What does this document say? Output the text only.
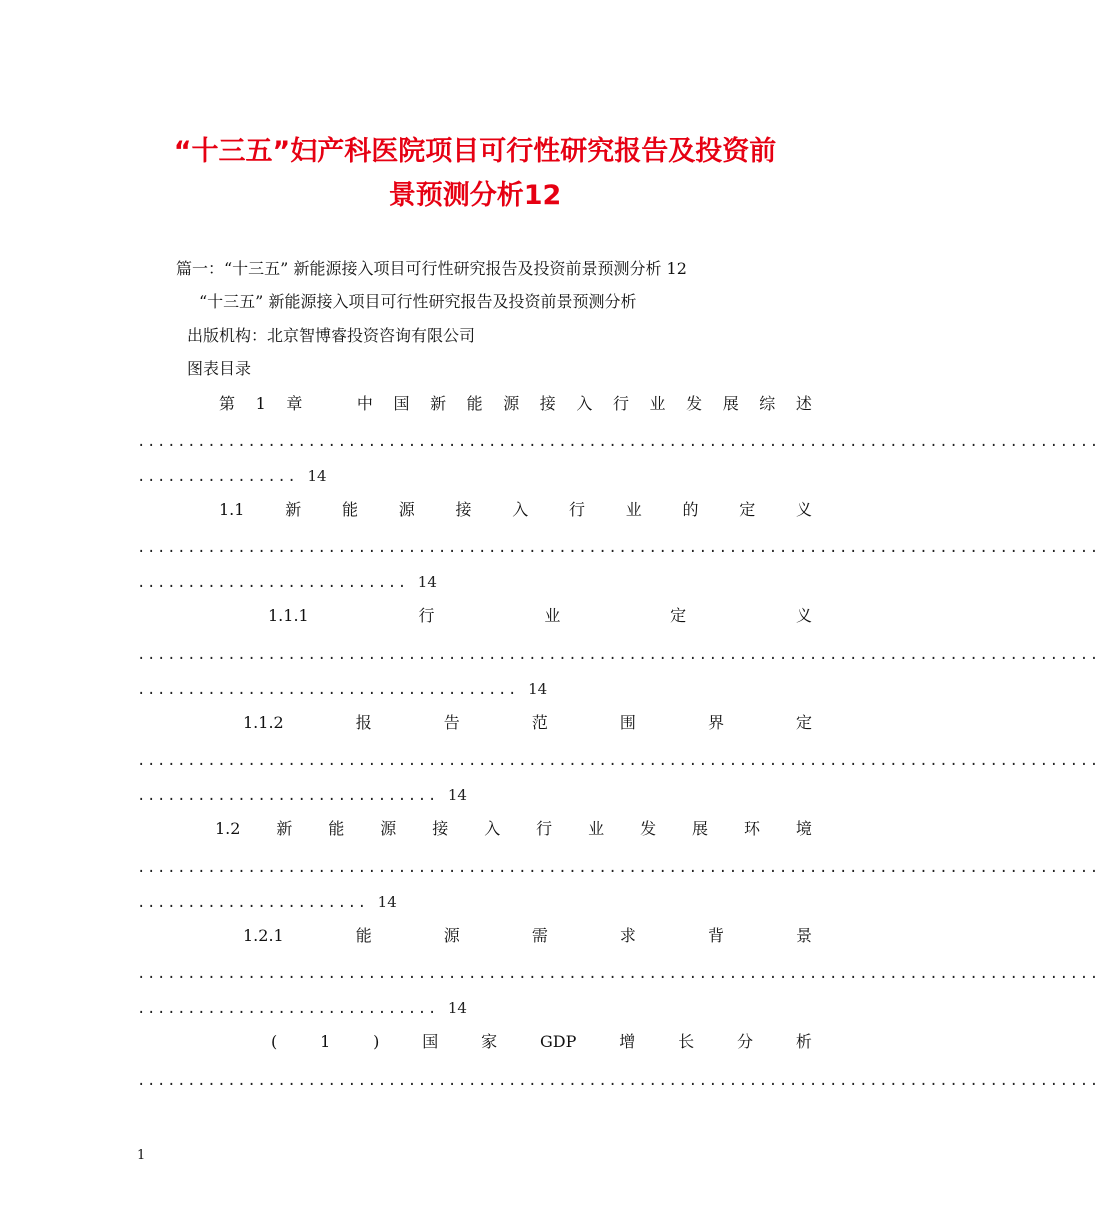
“十三五”妇产科医院项目可行性研究报告及投资前
景预测分析12
篇一：“十三五” 新能源接入项目可行性研究报告及投资前景预测分析 12
“十三五” 新能源接入项目可行性研究报告及投资前景预测分析
出版机构：北京智博睿投资咨询有限公司
图表目录
第 1 章	中 国 新 能 源 接 入 行 业 发 展 综 述
................................................................................................
................ 14
1.1	新	能	源	接	入	行	业	的	定	义
................................................................................................
........................... 14
1.1.1	行	业	定	义
................................................................................................
...................................... 14
1.1.2	报	告	范	围	界	定
................................................................................................
.............................. 14
1.2 新 能 源 接 入 行 业 发 展 环 境
................................................................................................
....................... 14
1.2.1	能	源	需	求	背	景
................................................................................................
.............................. 14
(	1	)	国	家	GDP	增	长	分	析
................................................................................................
1
